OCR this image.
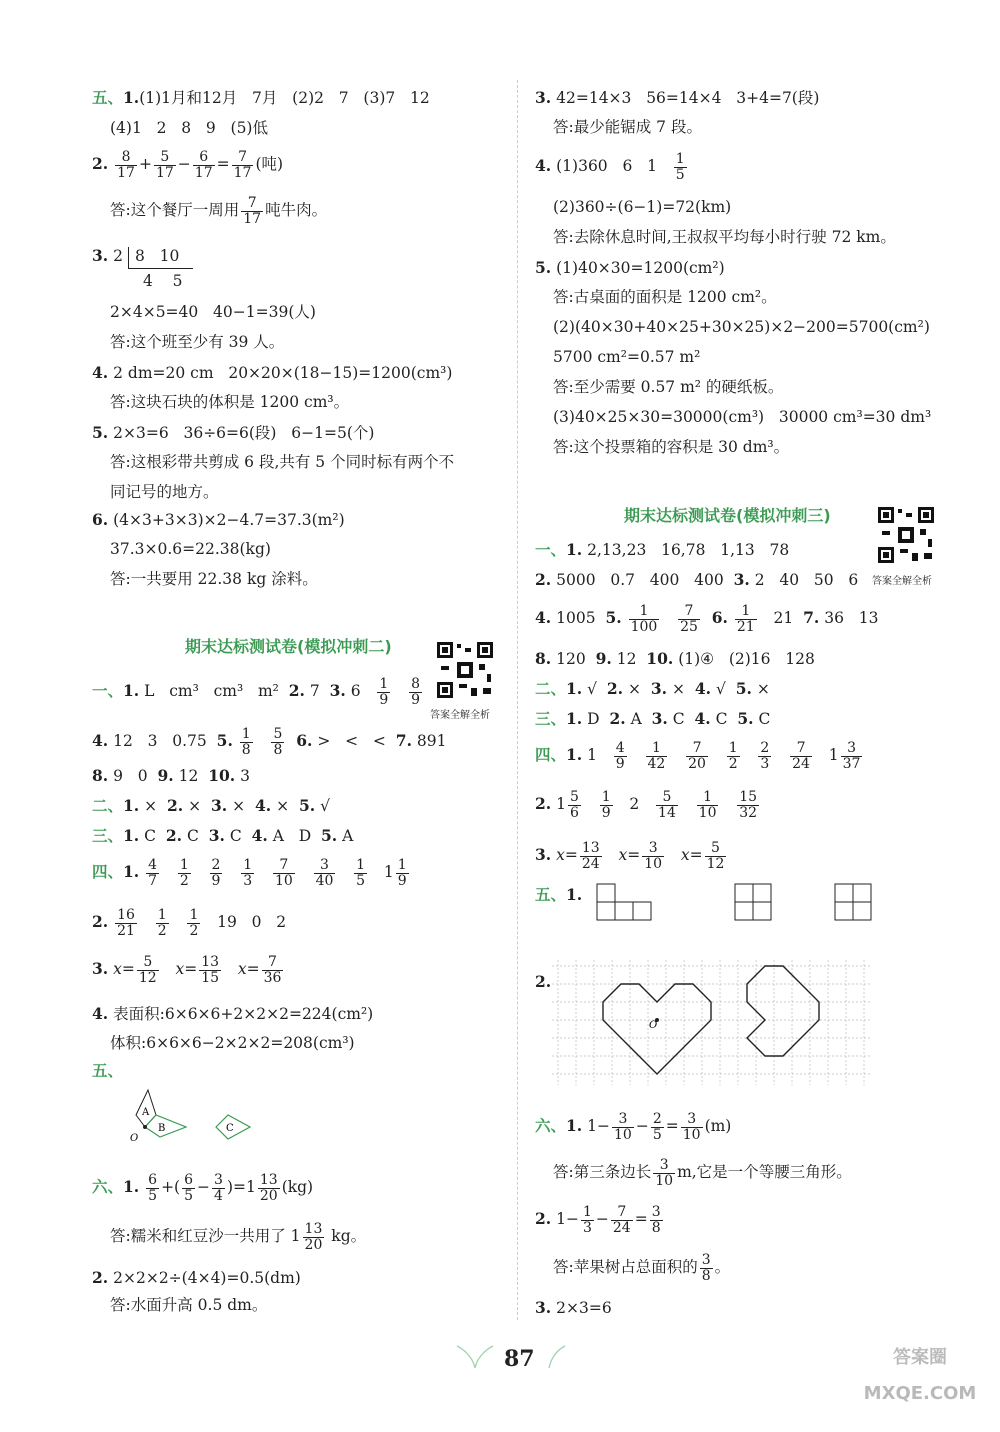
五、1.(1)1月和12月   7月   (2)2   7   (3)7   12
(4)1   2   8   9   (5)低
2. $\frac{8}{17} + \frac{5}{17} - \frac{6}{17} = \frac{7}{17}$ (吨)
答:这个餐厅一周用 $\frac{7}{17}$ 吨牛肉。
3. 2 8   10
4    5
2×4×5=40   40−1=39(人)
答:这个班至少有 39 人。
4. 2 dm=20 cm   20×20×(18−15)=1200(cm³)
答:这块石块的体积是 1200 cm³。
5. 2×3=6   36÷6=6(段)   6−1=5(个)
答:这根彩带共剪成 6 段,共有 5 个同时标有两个不
同记号的地方。
6. (4×3+3×3)×2−4.7=37.3(m²)
37.3×0.6=22.38(kg)
答:一共要用 22.38 kg 涂料。
期末达标测试卷(模拟冲刺二)
答案全解全析
一、1. L   cm³   cm³   m² 2. 7 3. $6 \frac{1}{9}$
$\frac{8}{9}$
4. 12   3   0.75 5. $\frac{1}{8}$
$\frac{5}{8} 6$. >   <   < 7. 891
8. 9   0 9. 12 10. 3
二、1. × 2. × 3. × 4. × 5. √
三、1. C 2. C 3. C 4. A   D 5. A
四、1. $\frac{4}{7}$
$\frac{1}{2}$
$\frac{2}{9}$
$\frac{1}{3}$
$\frac{7}{10}$
$\frac{3}{40}$
$\frac{1}{5} 1 \frac{1}{9}$
2. $\frac{16}{21}$
$\frac{1}{2}$
$\frac{1}{2} 19$   0   2
3. $x= \frac{5}{12} x= \frac{13}{15} x= \frac{7}{36}$
4. 表面积:6×6×6+2×2×2=224(cm²)
体积:6×6×6−2×2×2=208(cm³)
五、
A
B	C
O
六、1. $\frac{6}{5}$ +( $\frac{6}{5} - \frac{3}{4} )=1 \frac{13}{20} (kg)$
答:糯米和红豆沙一共用了 $1 \frac{13}{20}$ kg。
2. 2×2×2÷(4×4)=0.5(dm)
答:水面升高 0.5 dm。
3. 42=14×3   56=14×4   3+4=7(段)
答:最少能锯成 7 段。
4. (1)360   6   $1 \frac{1}{5}$
(2)360÷(6−1)=72(km)
答:去除休息时间,王叔叔平均每小时行驶 72 km。
5. (1)40×30=1200(cm²)
答:古桌面的面积是 1200 cm²。
(2)(40×30+40×25+30×25)×2−200=5700(cm²)
5700 cm²=0.57 m²
答:至少需要 0.57 m² 的硬纸板。
(3)40×25×30=30000(cm³)   30000 cm³=30 dm³
答:这个投票箱的容积是 30 dm³。
期末达标测试卷(模拟冲刺三)
答案全解全析
一、1. 2,13,23   16,78   1,13   78
2. 5000   0.7   400   400 3. 2   40   50   6
4. 1005 5. $\frac{1}{100}$
$\frac{7}{25} 6$. $\frac{1}{21} 21$ 7. 36   13
8. 120 9. 12 10. (1)④   (2)16   128
二、1. √ 2. × 3. × 4. √ 5. ×
三、1. D 2. A 3. C 4. C 5. C
四、1. $1 \frac{4}{9}$
$\frac{1}{42}$
$\frac{7}{20}$
$\frac{1}{2}$
$\frac{2}{3}$
$\frac{7}{24} 1 \frac{3}{37}$
2. $1 \frac{5}{6}$
$\frac{1}{9} 2 \frac{5}{14}$
$\frac{1}{10}$
$\frac{15}{32}$
3. $x= \frac{13}{24} x= \frac{3}{10} x= \frac{5}{12}$
五、1.
2.
O
六、1. $1- \frac{3}{10} - \frac{2}{5} = \frac{3}{10} (m)$
答:第三条边长 $\frac{3}{10} m$,它是一个等腰三角形。
2. $1- \frac{1}{3} - \frac{7}{24} = \frac{3}{8}$
答:苹果树占总面积的 $\frac{3}{8}$ 。
3. 2×3=6
87	答案圈 MXQE.COM
